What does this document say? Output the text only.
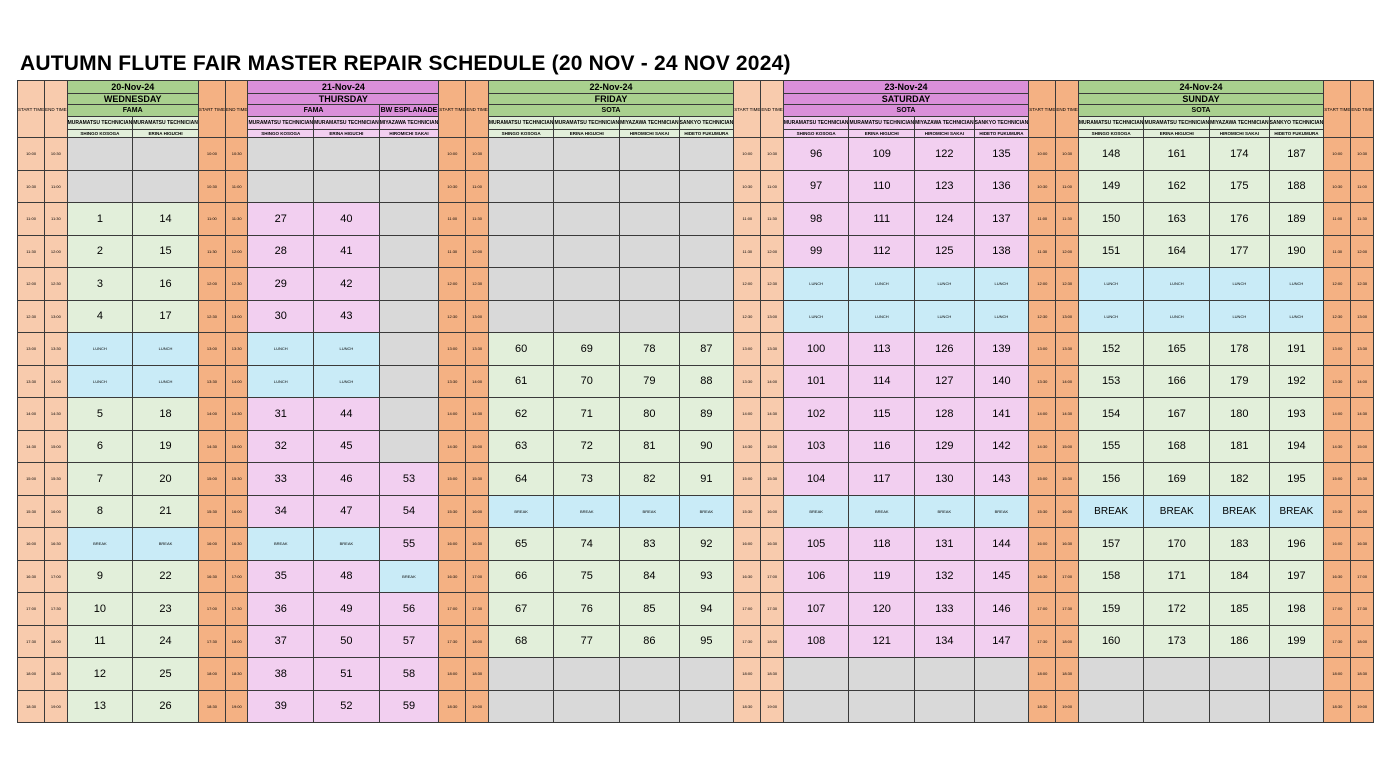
AUTUMN FLUTE FAIR MASTER REPAIR SCHEDULE (20 NOV - 24 NOV 2024)
START TIME	END TIME	20-Nov-24		START TIME	END TIME	21-Nov-24			START TIME	END TIME	22-Nov-24				START TIME	END TIME	23-Nov-24				START TIME	END TIME	24-Nov-24				START TIME	END TIME
		WEDNESDAY				THURSDAY					FRIDAY						SATURDAY						SUNDAY					
		FAMA				FAMA		BW ESPLANADE			SOTA						SOTA						SOTA					
		MURAMATSU TECHNICIAN	MURAMATSU TECHNICIAN			MURAMATSU TECHNICIAN	MURAMATSU TECHNICIAN	MIYAZAWA TECHNICIAN			MURAMATSU TECHNICIAN	MURAMATSU TECHNICIAN	MIYAZAWA TECHNICIAN	SANKYO TECHNICIAN			MURAMATSU TECHNICIAN	MURAMATSU TECHNICIAN	MIYAZAWA TECHNICIAN	SANKYO TECHNICIAN			MURAMATSU TECHNICIAN	MURAMATSU TECHNICIAN	MIYAZAWA TECHNICIAN	SANKYO TECHNICIAN		
		SHINGO KOSOGA	ERINA HIGUCHI			SHINGO KOSOGA	ERINA HIGUCHI	HIROMICHI SAKAI			SHINGO KOSOGA	ERINA HIGUCHI	HIROMICHI SAKAI	HIDETO FUKUMURA			SHINGO KOSOGA	ERINA HIGUCHI	HIROMICHI SAKAI	HIDETO FUKUMURA			SHINGO KOSOGA	ERINA HIGUCHI	HIROMICHI SAKAI	HIDETO FUKUMURA		
10:00	10:30			10:00	10:30				10:00	10:30					10:00	10:30	96	109	122	135	10:00	10:30	148	161	174	187	10:00	10:30
10:30	11:00			10:30	11:00				10:30	11:00					10:30	11:00	97	110	123	136	10:30	11:00	149	162	175	188	10:30	11:00
11:00	11:30	1	14	11:00	11:30	27	40		11:00	11:30					11:00	11:30	98	111	124	137	11:00	11:30	150	163	176	189	11:00	11:30
11:30	12:00	2	15	11:30	12:00	28	41		11:30	12:00					11:30	12:00	99	112	125	138	11:30	12:00	151	164	177	190	11:30	12:00
12:00	12:30	3	16	12:00	12:30	29	42		12:00	12:30					12:00	12:30	LUNCH	LUNCH	LUNCH	LUNCH	12:00	12:30	LUNCH	LUNCH	LUNCH	LUNCH	12:00	12:30
12:30	13:00	4	17	12:30	13:00	30	43		12:30	13:00					12:30	13:00	LUNCH	LUNCH	LUNCH	LUNCH	12:30	13:00	LUNCH	LUNCH	LUNCH	LUNCH	12:30	13:00
13:00	13:30	LUNCH	LUNCH	13:00	13:30	LUNCH	LUNCH		13:00	13:30	60	69	78	87	13:00	13:30	100	113	126	139	13:00	13:30	152	165	178	191	13:00	13:30
13:30	14:00	LUNCH	LUNCH	13:30	14:00	LUNCH	LUNCH		13:30	14:00	61	70	79	88	13:30	14:00	101	114	127	140	13:30	14:00	153	166	179	192	13:30	14:00
14:00	14:30	5	18	14:00	14:30	31	44		14:00	14:30	62	71	80	89	14:00	14:30	102	115	128	141	14:00	14:30	154	167	180	193	14:00	14:30
14:30	15:00	6	19	14:30	15:00	32	45		14:30	15:00	63	72	81	90	14:30	15:00	103	116	129	142	14:30	15:00	155	168	181	194	14:30	15:00
15:00	15:30	7	20	15:00	15:30	33	46	53	15:00	15:30	64	73	82	91	15:00	15:30	104	117	130	143	15:00	15:30	156	169	182	195	15:00	15:30
15:30	16:00	8	21	15:30	16:00	34	47	54	15:30	16:00	BREAK	BREAK	BREAK	BREAK	15:30	16:00	BREAK	BREAK	BREAK	BREAK	15:30	16:00	BREAK	BREAK	BREAK	BREAK	15:30	16:00
16:00	16:30	BREAK	BREAK	16:00	16:30	BREAK	BREAK	55	16:00	16:30	65	74	83	92	16:00	16:30	105	118	131	144	16:00	16:30	157	170	183	196	16:00	16:30
16:30	17:00	9	22	16:30	17:00	35	48	BREAK	16:30	17:00	66	75	84	93	16:30	17:00	106	119	132	145	16:30	17:00	158	171	184	197	16:30	17:00
17:00	17:30	10	23	17:00	17:30	36	49	56	17:00	17:30	67	76	85	94	17:00	17:30	107	120	133	146	17:00	17:30	159	172	185	198	17:00	17:30
17:30	18:00	11	24	17:30	18:00	37	50	57	17:30	18:00	68	77	86	95	17:30	18:00	108	121	134	147	17:30	18:00	160	173	186	199	17:30	18:00
18:00	18:30	12	25	18:00	18:30	38	51	58	18:00	18:30					18:00	18:30					18:00	18:30					18:00	18:30
18:30	19:00	13	26	18:30	19:00	39	52	59	18:30	19:00					18:30	19:00					18:30	19:00					18:30	19:00
